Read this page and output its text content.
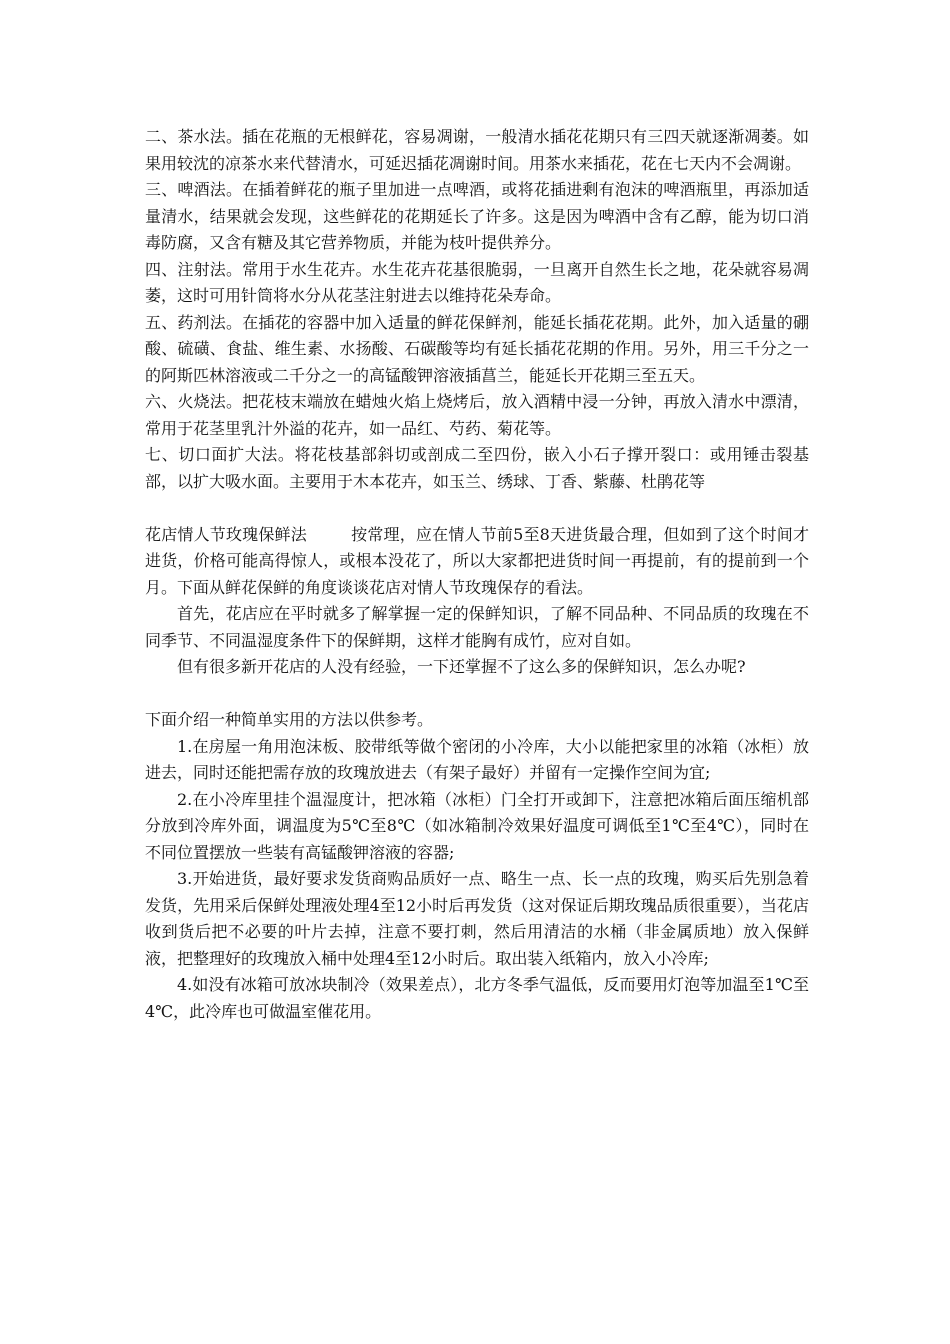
二、茶水法。插在花瓶的无根鲜花，容易凋谢，一般清水插花花期只有三四天就逐渐凋萎。如果用较沈的凉茶水来代替清水，可延迟插花凋谢时间。用茶水来插花，花在七天内不会凋谢。

三、啤酒法。在插着鲜花的瓶子里加进一点啤酒，或将花插进剩有泡沫的啤酒瓶里，再添加适量清水，结果就会发现，这些鲜花的花期延长了许多。这是因为啤酒中含有乙醇，能为切口消毒防腐，又含有糖及其它营养物质，并能为枝叶提供养分。

四、注射法。常用于水生花卉。水生花卉花基很脆弱，一旦离开自然生长之地，花朵就容易凋萎，这时可用针筒将水分从花茎注射进去以维持花朵寿命。

五、药剂法。在插花的容器中加入适量的鲜花保鲜剂，能延长插花花期。此外，加入适量的硼酸、硫磺、食盐、维生素、水扬酸、石碳酸等均有延长插花花期的作用。另外，用三千分之一的阿斯匹林溶液或二千分之一的高锰酸钾溶液插菖兰，能延长开花期三至五天。

六、火烧法。把花枝末端放在蜡烛火焰上烧烤后，放入酒精中浸一分钟，再放入清水中漂清，常用于花茎里乳汁外溢的花卉，如一品红、芍药、菊花等。

七、切口面扩大法。将花枝基部斜切或剖成二至四份，嵌入小石子撑开裂口：或用锤击裂基部，以扩大吸水面。主要用于木本花卉，如玉兰、绣球、丁香、紫藤、杜鹃花等

花店情人节玫瑰保鲜法	按常理，应在情人节前5至8天进货最合理，但如到了这个时间才进货，价格可能高得惊人，或根本没花了，所以大家都把进货时间一再提前，有的提前到一个月。下面从鲜花保鲜的角度谈谈花店对情人节玫瑰保存的看法。

首先，花店应在平时就多了解掌握一定的保鲜知识，了解不同品种、不同品质的玫瑰在不同季节、不同温湿度条件下的保鲜期，这样才能胸有成竹，应对自如。

但有很多新开花店的人没有经验，一下还掌握不了这么多的保鲜知识，怎么办呢?

下面介绍一种简单实用的方法以供参考。

1.在房屋一角用泡沫板、胶带纸等做个密闭的小冷库，大小以能把家里的冰箱（冰柜）放进去，同时还能把需存放的玫瑰放进去（有架子最好）并留有一定操作空间为宜;

2.在小冷库里挂个温湿度计，把冰箱（冰柜）门全打开或卸下，注意把冰箱后面压缩机部分放到冷库外面，调温度为5℃至8℃（如冰箱制冷效果好温度可调低至1℃至4℃），同时在不同位置摆放一些装有高锰酸钾溶液的容器;

3.开始进货，最好要求发货商购品质好一点、略生一点、长一点的玫瑰，购买后先别急着发货，先用采后保鲜处理液处理4至12小时后再发货（这对保证后期玫瑰品质很重要），当花店收到货后把不必要的叶片去掉，注意不要打刺，然后用清洁的水桶（非金属质地）放入保鲜液，把整理好的玫瑰放入桶中处理4至12小时后。取出装入纸箱内，放入小冷库;

4.如没有冰箱可放冰块制冷（效果差点），北方冬季气温低，反而要用灯泡等加温至1℃至4℃，此冷库也可做温室催花用。
